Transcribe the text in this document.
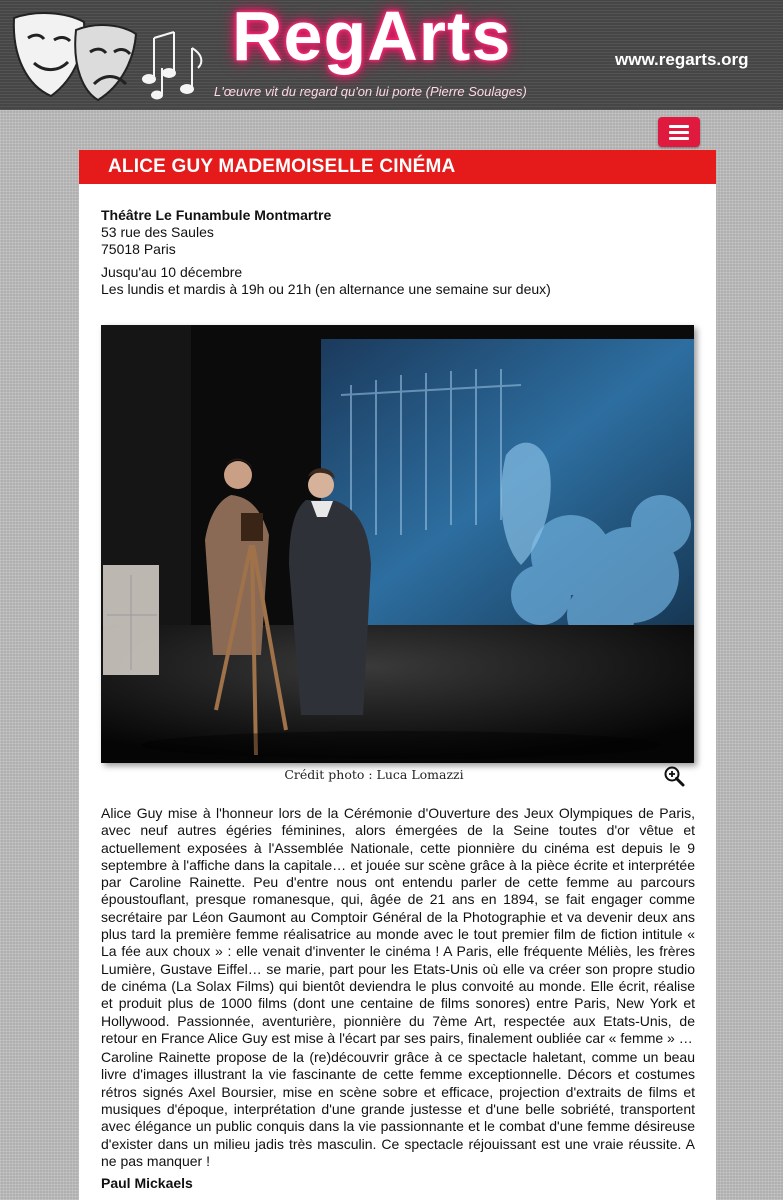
RegArts	www.regarts.org
L'œuvre vit du regard qu'on lui porte (Pierre Soulages)
ALICE GUY MADEMOISELLE CINÉMA
Théâtre Le Funambule Montmartre
53 rue des Saules
75018 Paris
Jusqu'au 10 décembre
Les lundis et mardis à 19h ou 21h (en alternance une semaine sur deux)
Crédit photo : Luca Lomazzi

Alice Guy mise à l'honneur lors de la Cérémonie d'Ouverture des Jeux Olympiques de Paris, avec neuf autres égéries féminines, alors émergées de la Seine toutes d'or vêtue et actuellement exposées à l'Assemblée Nationale, cette pionnière du cinéma est depuis le 9 septembre à l'affiche dans la capitale… et jouée sur scène grâce à la pièce écrite et interprétée par Caroline Rainette. Peu d'entre nous ont entendu parler de cette femme au parcours époustouflant, presque romanesque, qui, âgée de 21 ans en 1894, se fait engager comme secrétaire par Léon Gaumont au Comptoir Général de la Photographie et va devenir deux ans plus tard la première femme réalisatrice au monde avec le tout premier film de fiction intitule « La fée aux choux » : elle venait d'inventer le cinéma ! A Paris, elle fréquente Méliès, les frères Lumière, Gustave Eiffel… se marie, part pour les Etats-Unis où elle va créer son propre studio de cinéma (La Solax Films) qui bientôt deviendra le plus convoité au monde. Elle écrit, réalise et produit plus de 1000 films (dont une centaine de films sonores) entre Paris, New York et Hollywood. Passionnée, aventurière, pionnière du 7ème Art, respectée aux Etats-Unis, de retour en France Alice Guy est mise à l'écart par ses pairs, finalement oubliée car « femme » …

Caroline Rainette propose de la (re)découvrir grâce à ce spectacle haletant, comme un beau livre d'images illustrant la vie fascinante de cette femme exceptionnelle. Décors et costumes rétros signés Axel Boursier, mise en scène sobre et efficace, projection d'extraits de films et musiques d'époque, interprétation d'une grande justesse et d'une belle sobriété, transportent avec élégance un public conquis dans la vie passionnante et le combat d'une femme désireuse d'exister dans un milieu jadis très masculin. Ce spectacle réjouissant est une vraie réussite. A ne pas manquer !

Paul Mickaels
